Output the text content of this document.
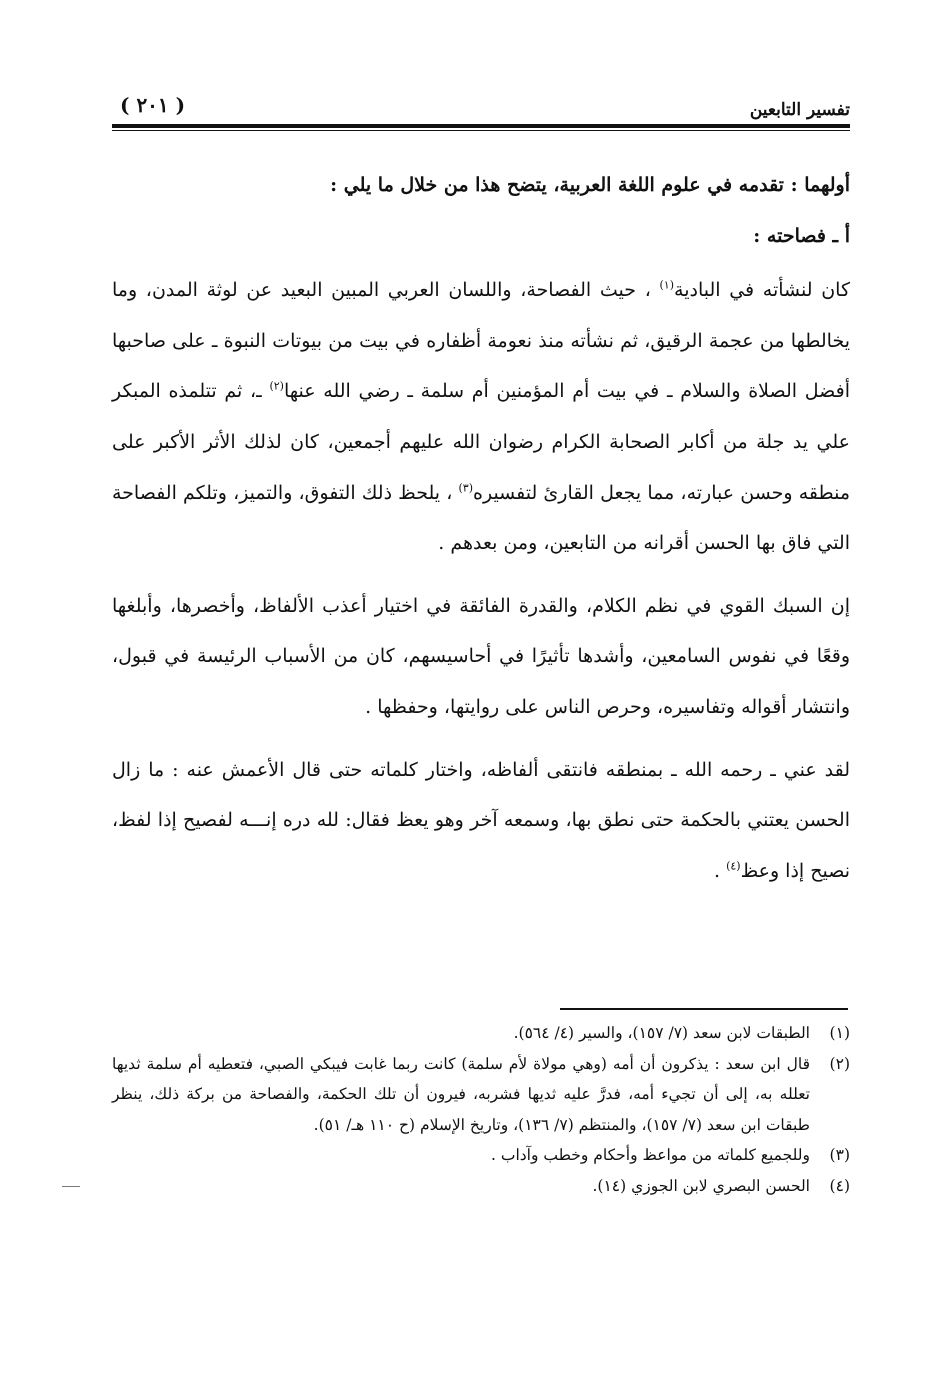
تفسير التابعين
( ٢٠١ )

أولهما : تقدمه في علوم اللغة العربية، يتضح هذا من خلال ما يلي :

أ ـ فصاحته :

كان لنشأته في البادية$^{(١)}$ ، حيث الفصاحة، واللسان العربي المبين البعيد عن لوثة المدن، وما يخالطها من عجمة الرقيق، ثم نشأته منذ نعومة أظفاره في بيت من بيوتات النبوة ـ على صاحبها أفضل الصلاة والسلام ـ في بيت أم المؤمنين أم سلمة ـ رضي الله عنها$^{(٢)}$ ـ، ثم تتلمذه المبكر علي يد جلة من أكابر الصحابة الكرام رضوان الله عليهم أجمعين، كان لذلك الأثر الأكبر على منطقه وحسن عبارته، مما يجعل القارئ لتفسيره$^{(٣)}$ ، يلحظ ذلك التفوق، والتميز، وتلكم الفصاحة التي فاق بها الحسن أقرانه من التابعين، ومن بعدهم .

إن السبك القوي في نظم الكلام، والقدرة الفائقة في اختيار أعذب الألفاظ، وأخصرها، وأبلغها وقعًا في نفوس السامعين، وأشدها تأثيرًا في أحاسيسهم، كان من الأسباب الرئيسة في قبول، وانتشار أقواله وتفاسيره، وحرص الناس على روايتها، وحفظها .

لقد عني ـ رحمه الله ـ بمنطقه فانتقى ألفاظه، واختار كلماته حتى قال الأعمش عنه : ما زال الحسن يعتني بالحكمة حتى نطق بها، وسمعه آخر وهو يعظ فقال: لله دره إنـــه لفصيح إذا لفظ، نصيح إذا وعظ$^{(٤)}$ .

(١)
الطبقات لابن سعد (٧/ ١٥٧)، والسير (٤/ ٥٦٤).
(٢)
قال ابن سعد : يذكرون أن أمه (وهي مولاة لأم سلمة) كانت ربما غابت فيبكي الصبي، فتعطيه أم سلمة ثديها تعلله به، إلى أن تجيء أمه، فدرَّ عليه ثديها فشربه، فيرون أن تلك الحكمة، والفصاحة من بركة ذلك، ينظر طبقات ابن سعد (٧/ ١٥٧)، والمنتظم (٧/ ١٣٦)، وتاريخ الإسلام (ح ١١٠ هـ/ ٥١).
(٣)
وللجميع كلماته من مواعظ وأحكام وخطب وآداب .
(٤)
الحسن البصري لابن الجوزي (١٤).
